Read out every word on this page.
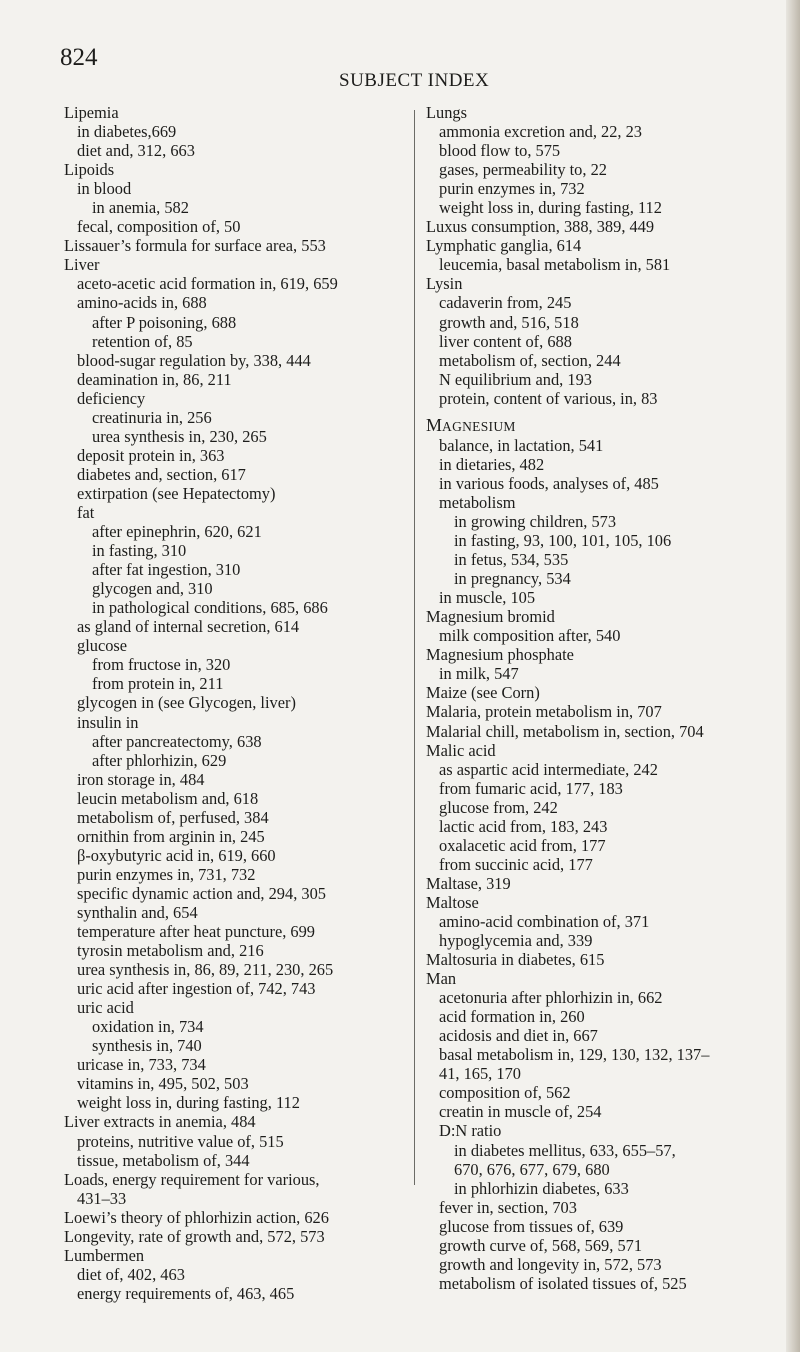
824
SUBJECT INDEX
Lipemia
in diabetes,669
diet and, 312, 663
Lipoids
in blood
in anemia, 582
fecal, composition of, 50
Lissauer’s formula for surface area, 553
Liver
aceto-acetic acid formation in, 619, 659
amino-acids in, 688
after P poisoning, 688
retention of, 85
blood-sugar regulation by, 338, 444
deamination in, 86, 211
deficiency
creatinuria in, 256
urea synthesis in, 230, 265
deposit protein in, 363
diabetes and, section, 617
extirpation (see Hepatectomy)
fat
after epinephrin, 620, 621
in fasting, 310
after fat ingestion, 310
glycogen and, 310
in pathological conditions, 685, 686
as gland of internal secretion, 614
glucose
from fructose in, 320
from protein in, 211
glycogen in (see Glycogen, liver)
insulin in
after pancreatectomy, 638
after phlorhizin, 629
iron storage in, 484
leucin metabolism and, 618
metabolism of, perfused, 384
ornithin from arginin in, 245
β-oxybutyric acid in, 619, 660
purin enzymes in, 731, 732
specific dynamic action and, 294, 305
synthalin and, 654
temperature after heat puncture, 699
tyrosin metabolism and, 216
urea synthesis in, 86, 89, 211, 230, 265
uric acid after ingestion of, 742, 743
uric acid
oxidation in, 734
synthesis in, 740
uricase in, 733, 734
vitamins in, 495, 502, 503
weight loss in, during fasting, 112
Liver extracts in anemia, 484
proteins, nutritive value of, 515
tissue, metabolism of, 344
Loads, energy requirement for various,
431–33
Loewi’s theory of phlorhizin action, 626
Longevity, rate of growth and, 572, 573
Lumbermen
diet of, 402, 463
energy requirements of, 463, 465
Lungs
ammonia excretion and, 22, 23
blood flow to, 575
gases, permeability to, 22
purin enzymes in, 732
weight loss in, during fasting, 112
Luxus consumption, 388, 389, 449
Lymphatic ganglia, 614
leucemia, basal metabolism in, 581
Lysin
cadaverin from, 245
growth and, 516, 518
liver content of, 688
metabolism of, section, 244
N equilibrium and, 193
protein, content of various, in, 83
MAGNESIUM
balance, in lactation, 541
in dietaries, 482
in various foods, analyses of, 485
metabolism
in growing children, 573
in fasting, 93, 100, 101, 105, 106
in fetus, 534, 535
in pregnancy, 534
in muscle, 105
Magnesium bromid
milk composition after, 540
Magnesium phosphate
in milk, 547
Maize (see Corn)
Malaria, protein metabolism in, 707
Malarial chill, metabolism in, section, 704
Malic acid
as aspartic acid intermediate, 242
from fumaric acid, 177, 183
glucose from, 242
lactic acid from, 183, 243
oxalacetic acid from, 177
from succinic acid, 177
Maltase, 319
Maltose
amino-acid combination of, 371
hypoglycemia and, 339
Maltosuria in diabetes, 615
Man
acetonuria after phlorhizin in, 662
acid formation in, 260
acidosis and diet in, 667
basal metabolism in, 129, 130, 132, 137–
41, 165, 170
composition of, 562
creatin in muscle of, 254
D:N ratio
in diabetes mellitus, 633, 655–57,
670, 676, 677, 679, 680
in phlorhizin diabetes, 633
fever in, section, 703
glucose from tissues of, 639
growth curve of, 568, 569, 571
growth and longevity in, 572, 573
metabolism of isolated tissues of, 525
